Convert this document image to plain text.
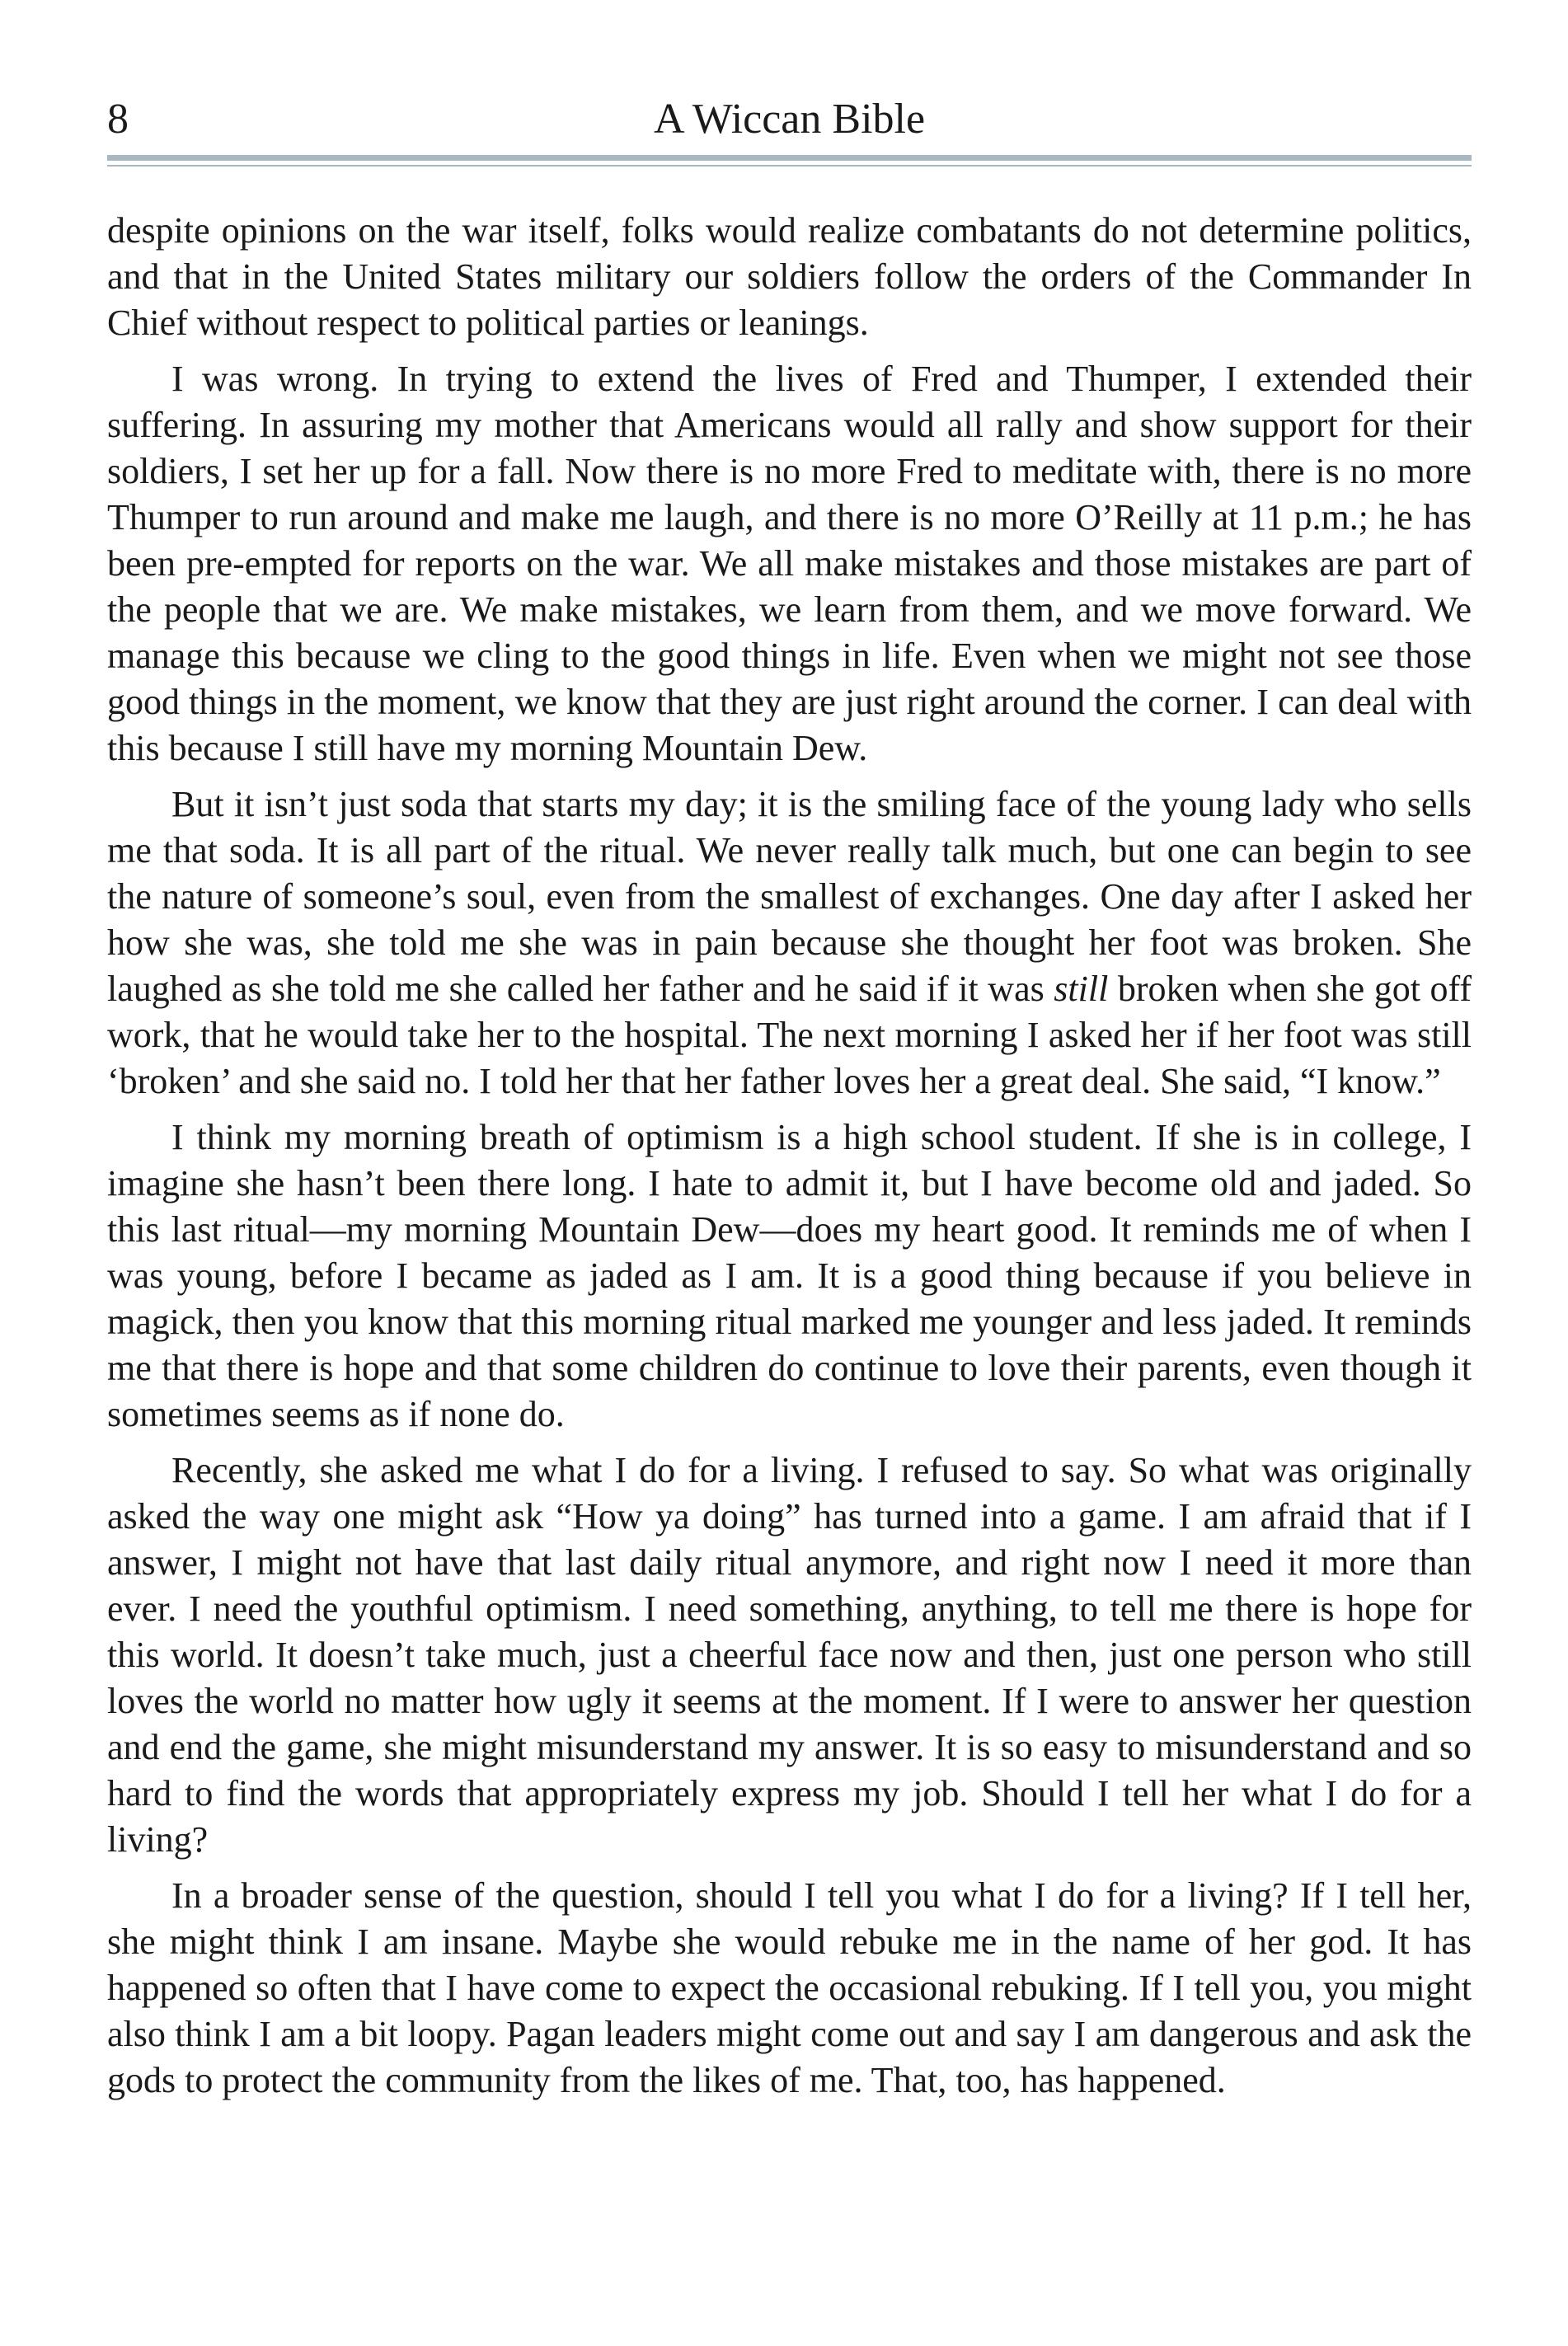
8	A Wiccan Bible

despite opinions on the war itself, folks would realize combatants do not determine politics, and that in the United States military our soldiers follow the orders of the Commander In Chief without respect to political parties or leanings.

I was wrong. In trying to extend the lives of Fred and Thumper, I extended their suffering. In assuring my mother that Americans would all rally and show support for their soldiers, I set her up for a fall. Now there is no more Fred to meditate with, there is no more Thumper to run around and make me laugh, and there is no more O’Reilly at 11 p.m.; he has been pre-empted for reports on the war. We all make mistakes and those mistakes are part of the people that we are. We make mistakes, we learn from them, and we move forward. We manage this because we cling to the good things in life. Even when we might not see those good things in the moment, we know that they are just right around the corner. I can deal with this because I still have my morning Mountain Dew.

But it isn’t just soda that starts my day; it is the smiling face of the young lady who sells me that soda. It is all part of the ritual. We never really talk much, but one can begin to see the nature of someone’s soul, even from the smallest of exchanges. One day after I asked her how she was, she told me she was in pain because she thought her foot was broken. She laughed as she told me she called her father and he said if it was still broken when she got off work, that he would take her to the hospital. The next morning I asked her if her foot was still ‘broken’ and she said no. I told her that her father loves her a great deal. She said, “I know.”

I think my morning breath of optimism is a high school student. If she is in college, I imagine she hasn’t been there long. I hate to admit it, but I have become old and jaded. So this last ritual—my morning Mountain Dew—does my heart good. It reminds me of when I was young, before I became as jaded as I am. It is a good thing because if you believe in magick, then you know that this morning ritual marked me younger and less jaded. It reminds me that there is hope and that some children do continue to love their parents, even though it sometimes seems as if none do.

Recently, she asked me what I do for a living. I refused to say. So what was originally asked the way one might ask “How ya doing” has turned into a game. I am afraid that if I answer, I might not have that last daily ritual anymore, and right now I need it more than ever. I need the youthful optimism. I need something, anything, to tell me there is hope for this world. It doesn’t take much, just a cheerful face now and then, just one person who still loves the world no matter how ugly it seems at the moment. If I were to answer her question and end the game, she might misunderstand my answer. It is so easy to misunderstand and so hard to find the words that appropriately express my job. Should I tell her what I do for a living?

In a broader sense of the question, should I tell you what I do for a living? If I tell her, she might think I am insane. Maybe she would rebuke me in the name of her god. It has happened so often that I have come to expect the occasional rebuking. If I tell you, you might also think I am a bit loopy. Pagan leaders might come out and say I am dangerous and ask the gods to protect the community from the likes of me. That, too, has happened.
